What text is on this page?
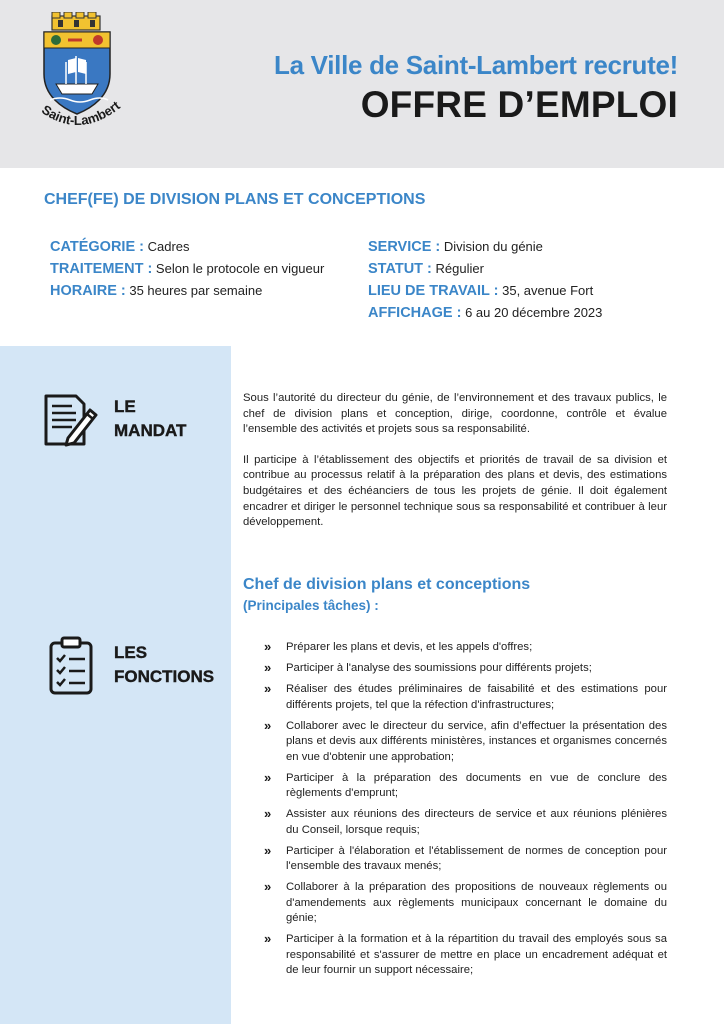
Saint-Lambert
La Ville de Saint-Lambert recrute!
OFFRE D’EMPLOI
CHEF(FE) DE DIVISION PLANS ET CONCEPTIONS
CATÉGORIE : Cadres
TRAITEMENT : Selon le protocole en vigueur
HORAIRE : 35 heures par semaine
SERVICE : Division du génie
STATUT : Régulier
LIEU DE TRAVAIL : 35, avenue Fort
AFFICHAGE : 6 au 20 décembre 2023
LE
MANDAT

Sous l’autorité du directeur du génie, de l’environnement et des travaux publics, le chef de division plans et conception, dirige, coordonne, contrôle et évalue l’ensemble des activités et projets sous sa responsabilité.

Il participe à l’établissement des objectifs et priorités de travail de sa division et contribue au processus relatif à la préparation des plans et devis, des estimations budgétaires et des échéanciers de tous les projets de génie. Il doit également encadrer et diriger le personnel technique sous sa responsabilité et contribuer à leur développement.

Chef de division plans et conceptions
(Principales tâches) :
LES
FONCTIONS
» Préparer les plans et devis, et les appels d'offres;
» Participer à l'analyse des soumissions pour différents projets;
» Réaliser des études préliminaires de faisabilité et des estimations pour différents projets, tel que la réfection d'infrastructures;
» Collaborer avec le directeur du service, afin d’effectuer la présentation des plans et devis aux différents ministères, instances et organismes concernés en vue d'obtenir une approbation;
» Participer à la préparation des documents en vue de conclure des règlements d'emprunt;
» Assister aux réunions des directeurs de service et aux réunions plénières du Conseil, lorsque requis;
» Participer à l'élaboration et l'établissement de normes de conception pour l'ensemble des travaux menés;
» Collaborer à la préparation des propositions de nouveaux règlements ou d'amendements aux règlements municipaux concernant le domaine du génie;
» Participer à la formation et à la répartition du travail des employés sous sa responsabilité et s'assurer de mettre en place un encadrement adéquat et de leur fournir un support nécessaire;
